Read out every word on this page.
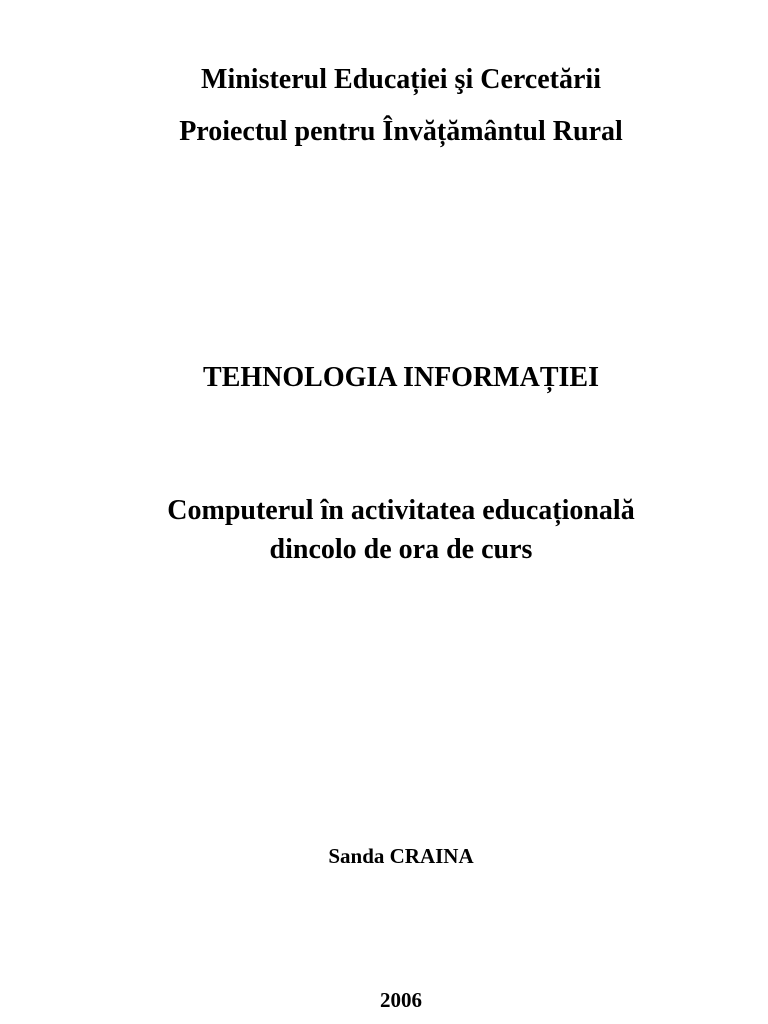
Ministerul Educației şi Cercetării
Proiectul pentru Învățământul Rural
TEHNOLOGIA INFORMAȚIEI
Computerul în activitatea educațională
dincolo de ora de curs
Sanda CRAINA
2006
